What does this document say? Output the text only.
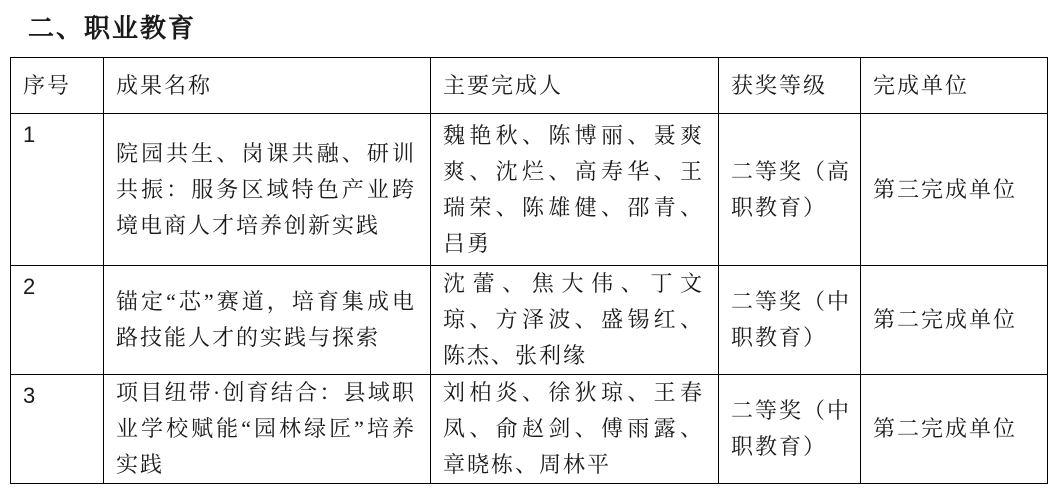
二、职业教育
序号	成果名称	主要完成人	获奖等级	完成单位
1	院园共生、岗课共融、研训共振：服务区域特色产业跨境电商人才培养创新实践	魏艳秋、陈博丽、聂爽爽、沈烂、高寿华、王瑞荣、陈雄健、邵青、吕勇	二等奖（高职教育）	第三完成单位
2	锚定“芯”赛道，培育集成电路技能人才的实践与探索	沈蕾、焦大伟、丁文琼、方泽波、盛锡红、陈杰、张利缘	二等奖（中职教育）	第二完成单位
3	项目纽带·创育结合：县域职业学校赋能“园林绿匠”培养实践	刘柏炎、徐狄琼、王春凤、俞赵剑、傅雨露、章晓栋、周林平	二等奖（中职教育）	第二完成单位
